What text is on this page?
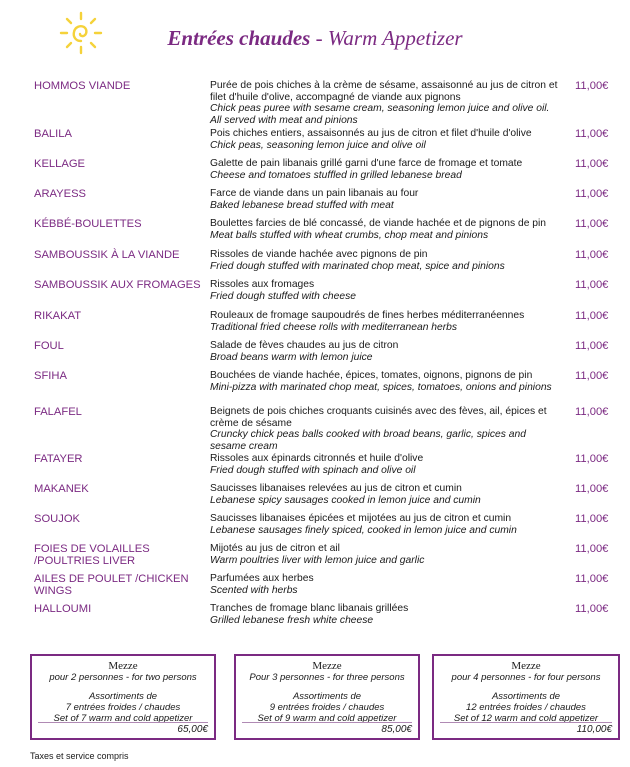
Entrées chaudes - Warm Appetizer
HOMMOS VIANDE	Purée de pois chiches à la crème de sésame, assaisonné au jus de citron et filet d'huile d'olive, accompagné de viande aux pignons
Chick peas puree with sesame cream, seasoning lemon juice and olive oil. All served with meat and pinions
11,00€
BALILA	Pois chiches entiers, assaisonnés au jus de citron et filet d'huile d'olive
Chick peas, seasoning lemon juice and olive oil
11,00€
KELLAGE	Galette de pain libanais grillé garni d'une farce de fromage et tomate
Cheese and tomatoes stuffled in grilled lebanese bread
11,00€
ARAYESS	Farce de viande dans un pain libanais au four
Baked lebanese bread stuffed with meat
11,00€
KÉBBÉ-BOULETTES	Boulettes farcies de blé concassé, de viande hachée et de pignons de pin
Meat balls stuffed with wheat crumbs, chop meat and pinions
11,00€
SAMBOUSSIK À LA VIANDE	Rissoles de viande hachée avec pignons de pin
Fried dough stuffed with marinated chop meat, spice and pinions
11,00€
SAMBOUSSIK AUX FROMAGES Rissoles aux fromages
Fried dough stuffed with cheese
11,00€
RIKAKAT	Rouleaux de fromage saupoudrés de fines herbes méditerranéennes
Traditional fried cheese rolls with mediterranean herbs
11,00€
FOUL	Salade de fèves chaudes au jus de citron
Broad beans warm with lemon juice
11,00€
SFIHA	Bouchées de viande hachée, épices, tomates, oignons, pignons de pin
Mini-pizza with marinated chop meat, spices, tomatoes, onions and pinions
11,00€
FALAFEL	Beignets de pois chiches croquants cuisinés avec des fèves, ail, épices et crème de sésame
Cruncky chick peas balls cooked with broad beans, garlic, spices and sesame cream
11,00€
FATAYER	Rissoles aux épinards citronnés et huile d'olive
Fried dough stuffed with spinach and olive oil
11,00€
MAKANEK	Saucisses libanaises relevées au jus de citron et cumin
Lebanese spicy sausages cooked in lemon juice and cumin
11,00€
SOUJOK	Saucisses libanaises épicées et mijotées au jus de citron et cumin
Lebanese sausages finely spiced, cooked in lemon juice and cumin
11,00€
FOIES DE VOLAILLES /POULTRIES LIVER
Mijotés au jus de citron et ail
Warm poultries liver with lemon juice and garlic
11,00€
AILES DE POULET /CHICKEN WINGS
Parfumées aux herbes
Scented with herbs
11,00€
HALLOUMI	Tranches de fromage blanc libanais grillées
Grilled lebanese fresh white cheese
11,00€
Mezze
pour 2 personnes - for two persons
Assortiments de
7 entrées froides / chaudes
Set of 7 warm and cold appetizer
65,00€
Mezze
Pour 3 personnes - for three persons
Assortiments de
9 entrées froides / chaudes
Set of 9 warm and cold appetizer
85,00€
Mezze
pour 4 personnes - for four persons
Assortiments de
12 entrées froides / chaudes
Set of 12 warm and cold appetizer
110,00€
Taxes et service compris
